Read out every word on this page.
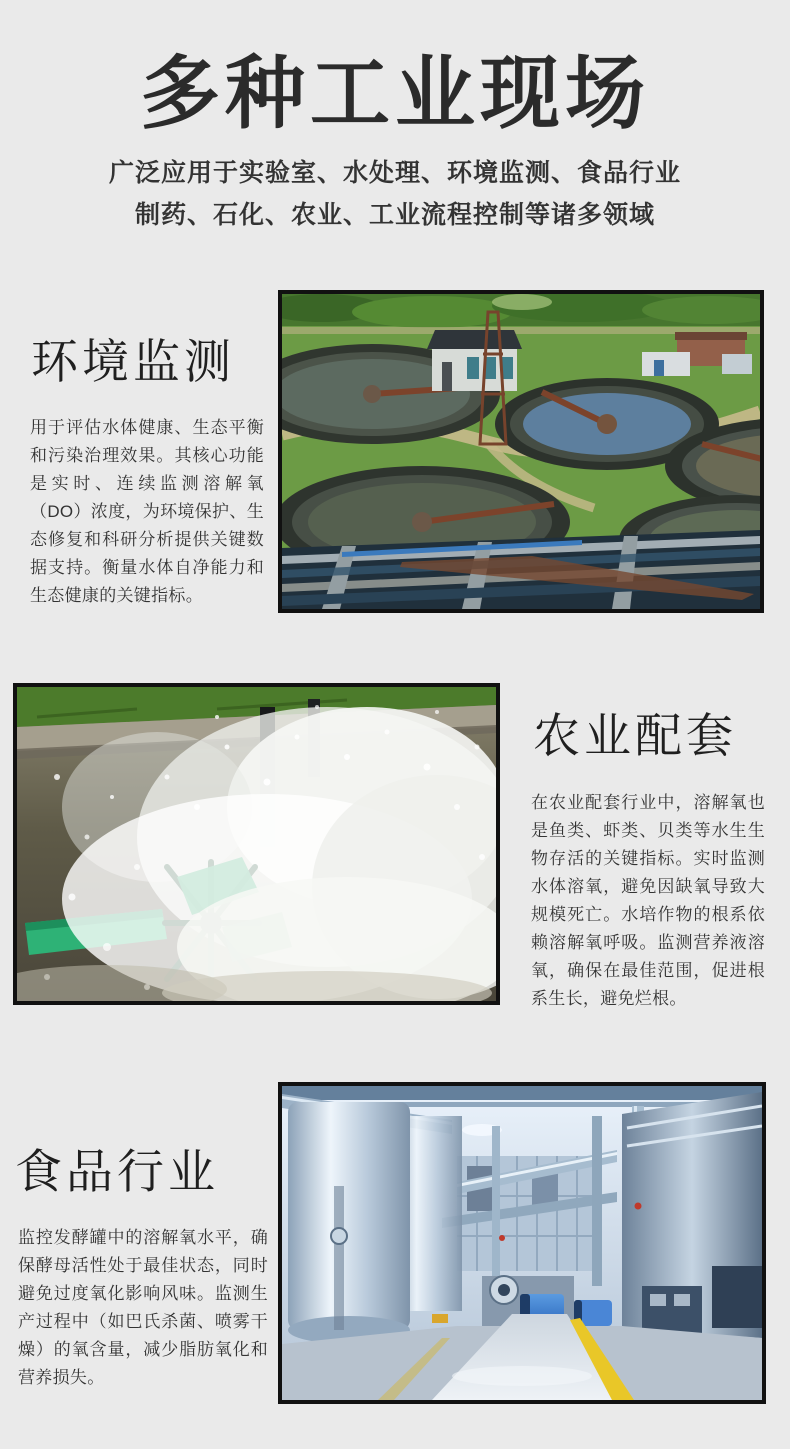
多种工业现场

广泛应用于实验室、水处理、环境监测、食品行业

制药、石化、农业、工业流程控制等诸多领域

环境监测

用于评估水体健康、生态平衡和污染治理效果。其核心功能是实时、连续监测溶解氧（DO）浓度，为环境保护、生态修复和科研分析提供关键数据支持。衡量水体自净能力和生态健康的关键指标。

农业配套

在农业配套行业中，溶解氧也是鱼类、虾类、贝类等水生生物存活的关键指标。实时监测水体溶氧，避免因缺氧导致大规模死亡。水培作物的根系依赖溶解氧呼吸。监测营养液溶氧，确保在最佳范围，促进根系生长，避免烂根。

食品行业

监控发酵罐中的溶解氧水平，确保酵母活性处于最佳状态，同时避免过度氧化影响风味。监测生产过程中（如巴氏杀菌、喷雾干燥）的氧含量，减少脂肪氧化和营养损失。
